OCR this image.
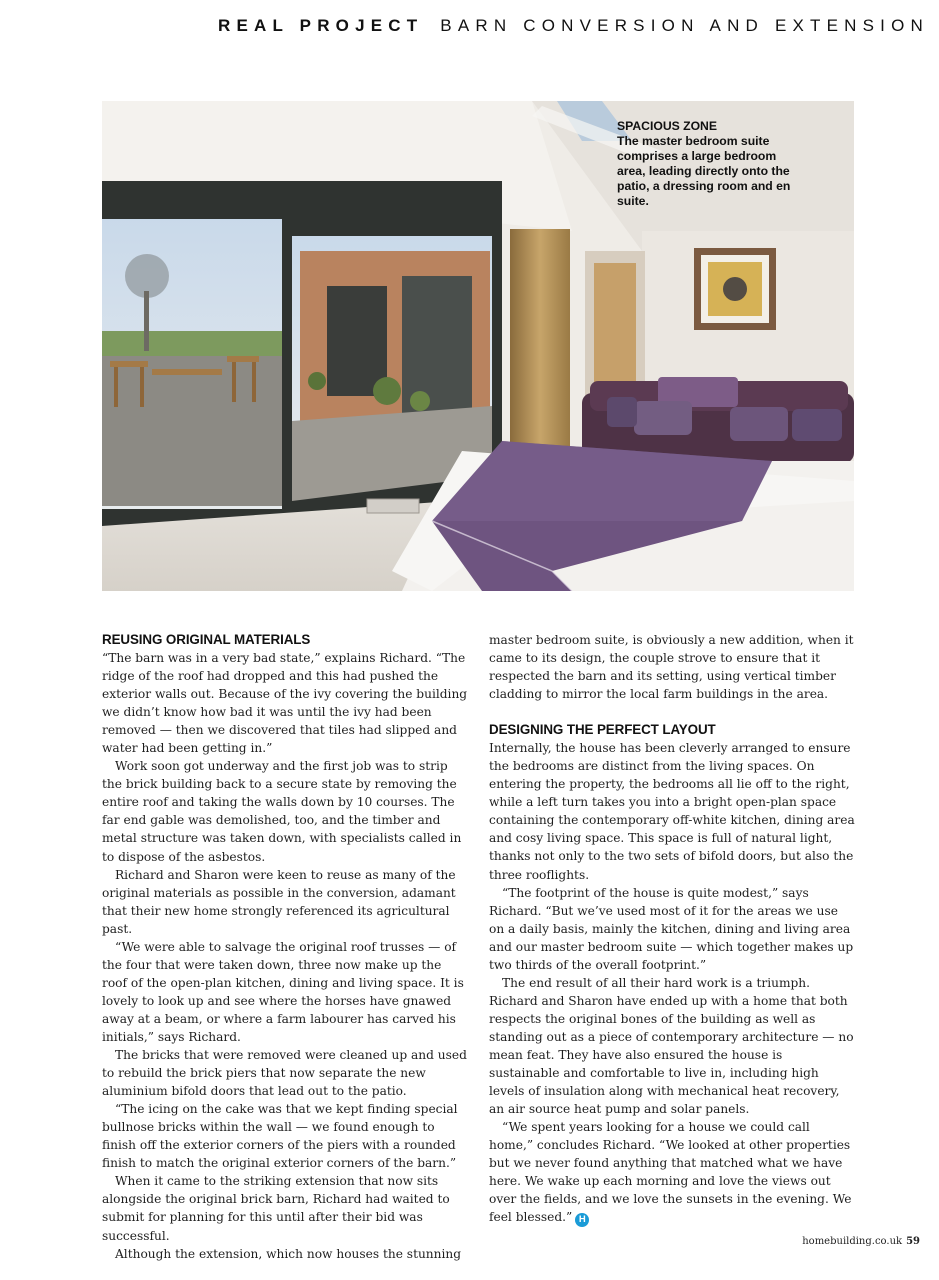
REAL PROJECT BARN CONVERSION AND EXTENSION
SPACIOUS ZONE
The master bedroom suite comprises a large bedroom area, leading directly onto the patio, a dressing room and en suite.
REUSING ORIGINAL MATERIALS

“The barn was in a very bad state,” explains Richard. “The ridge of the roof had dropped and this had pushed the exterior walls out. Because of the ivy covering the building we didn’t know how bad it was until the ivy had been removed — then we discovered that tiles had slipped and water had been getting in.”

Work soon got underway and the first job was to strip the brick building back to a secure state by removing the entire roof and taking the walls down by 10 courses. The far end gable was demolished, too, and the timber and metal structure was taken down, with specialists called in to dispose of the asbestos.

Richard and Sharon were keen to reuse as many of the original materials as possible in the conversion, adamant that their new home strongly referenced its agricultural past.

“We were able to salvage the original roof trusses — of the four that were taken down, three now make up the roof of the open-plan kitchen, dining and living space. It is lovely to look up and see where the horses have gnawed away at a beam, or where a farm labourer has carved his initials,” says Richard.

The bricks that were removed were cleaned up and used to rebuild the brick piers that now separate the new aluminium bifold doors that lead out to the patio.

“The icing on the cake was that we kept finding special bullnose bricks within the wall — we found enough to finish off the exterior corners of the piers with a rounded finish to match the original exterior corners of the barn.”

When it came to the striking extension that now sits alongside the original brick barn, Richard had waited to submit for planning for this until after their bid was successful.

Although the extension, which now houses the stunning

master bedroom suite, is obviously a new addition, when it came to its design, the couple strove to ensure that it respected the barn and its setting, using vertical timber cladding to mirror the local farm buildings in the area.

DESIGNING THE PERFECT LAYOUT

Internally, the house has been cleverly arranged to ensure the bedrooms are distinct from the living spaces. On entering the property, the bedrooms all lie off to the right, while a left turn takes you into a bright open-plan space containing the contemporary off-white kitchen, dining area and cosy living space. This space is full of natural light, thanks not only to the two sets of bifold doors, but also the three rooflights.

“The footprint of the house is quite modest,” says Richard. “But we’ve used most of it for the areas we use on a daily basis, mainly the kitchen, dining and living area and our master bedroom suite — which together makes up two thirds of the overall footprint.”

The end result of all their hard work is a triumph. Richard and Sharon have ended up with a home that both respects the original bones of the building as well as standing out as a piece of contemporary architecture — no mean feat. They have also ensured the house is sustainable and comfortable to live in, including high levels of insulation along with mechanical heat recovery, an air source heat pump and solar panels.

“We spent years looking for a house we could call home,” concludes Richard. “We looked at other properties but we never found anything that matched what we have here. We wake up each morning and love the views out over the fields, and we love the sunsets in the evening. We feel blessed.” H

homebuilding.co.uk 59
